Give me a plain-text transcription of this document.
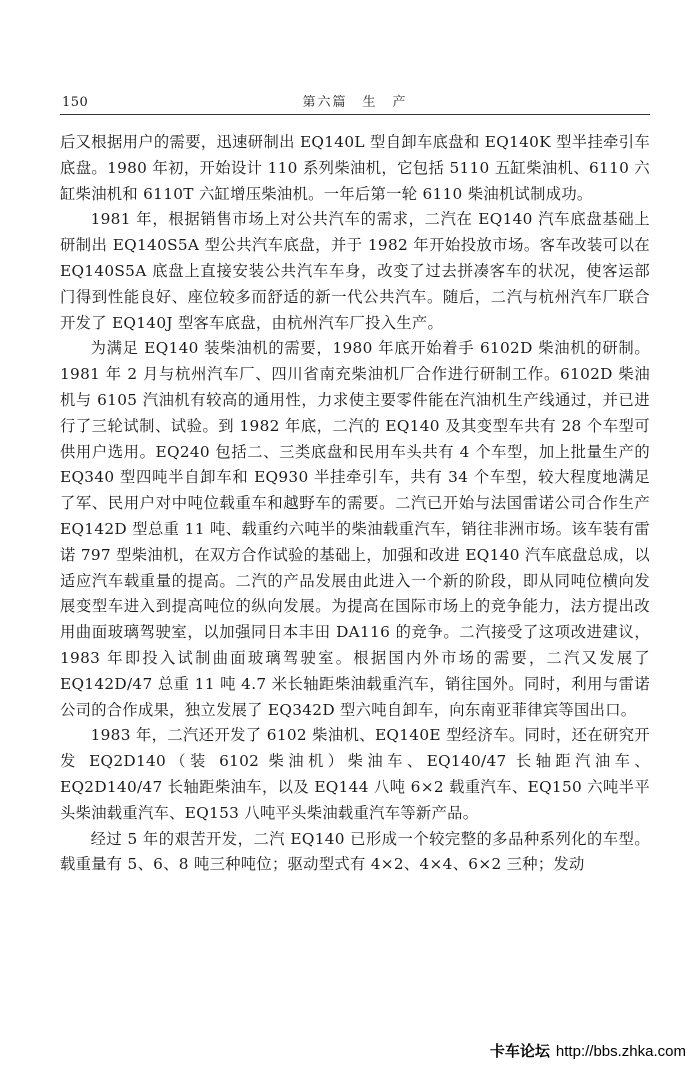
150	第六篇　生　产

后又根据用户的需要，迅速研制出 EQ140L 型自卸车底盘和 EQ140K 型半挂牵引车底盘。1980 年初，开始设计 110 系列柴油机，它包括 5110 五缸柴油机、6110 六缸柴油机和 6110T 六缸增压柴油机。一年后第一轮 6110 柴油机试制成功。

1981 年，根据销售市场上对公共汽车的需求，二汽在 EQ140 汽车底盘基础上研制出 EQ140S5A 型公共汽车底盘，并于 1982 年开始投放市场。客车改装可以在 EQ140S5A 底盘上直接安装公共汽车车身，改变了过去拼凑客车的状况，使客运部门得到性能良好、座位较多而舒适的新一代公共汽车。随后，二汽与杭州汽车厂联合开发了 EQ140J 型客车底盘，由杭州汽车厂投入生产。

为满足 EQ140 装柴油机的需要，1980 年底开始着手 6102D 柴油机的研制。1981 年 2 月与杭州汽车厂、四川省南充柴油机厂合作进行研制工作。6102D 柴油机与 6105 汽油机有较高的通用性，力求使主要零件能在汽油机生产线通过，并已进行了三轮试制、试验。到 1982 年底，二汽的 EQ140 及其变型车共有 28 个车型可供用户选用。EQ240 包括二、三类底盘和民用车头共有 4 个车型，加上批量生产的 EQ340 型四吨半自卸车和 EQ930 半挂牵引车，共有 34 个车型，较大程度地满足了军、民用户对中吨位载重车和越野车的需要。二汽已开始与法国雷诺公司合作生产 EQ142D 型总重 11 吨、载重约六吨半的柴油载重汽车，销往非洲市场。该车装有雷诺 797 型柴油机，在双方合作试验的基础上，加强和改进 EQ140 汽车底盘总成，以适应汽车载重量的提高。二汽的产品发展由此进入一个新的阶段，即从同吨位横向发展变型车进入到提高吨位的纵向发展。为提高在国际市场上的竞争能力，法方提出改用曲面玻璃驾驶室，以加强同日本丰田 DA116 的竞争。二汽接受了这项改进建议，1983 年即投入试制曲面玻璃驾驶室。根据国内外市场的需要，二汽又发展了 EQ142D/47 总重 11 吨 4.7 米长轴距柴油载重汽车，销往国外。同时，利用与雷诺公司的合作成果，独立发展了 EQ342D 型六吨自卸车，向东南亚菲律宾等国出口。

1983 年，二汽还开发了 6102 柴油机、EQ140E 型经济车。同时，还在研究开发 EQ2D140（装 6102 柴油机）柴油车、EQ140/47 长轴距汽油车、EQ2D140/47 长轴距柴油车，以及 EQ144 八吨 6×2 载重汽车、EQ150 六吨半平头柴油载重汽车、EQ153 八吨平头柴油载重汽车等新产品。

经过 5 年的艰苦开发，二汽 EQ140 已形成一个较完整的多品种系列化的车型。载重量有 5、6、8 吨三种吨位；驱动型式有 4×2、4×4、6×2 三种；发动

卡车论坛 http://bbs.zhka.com
